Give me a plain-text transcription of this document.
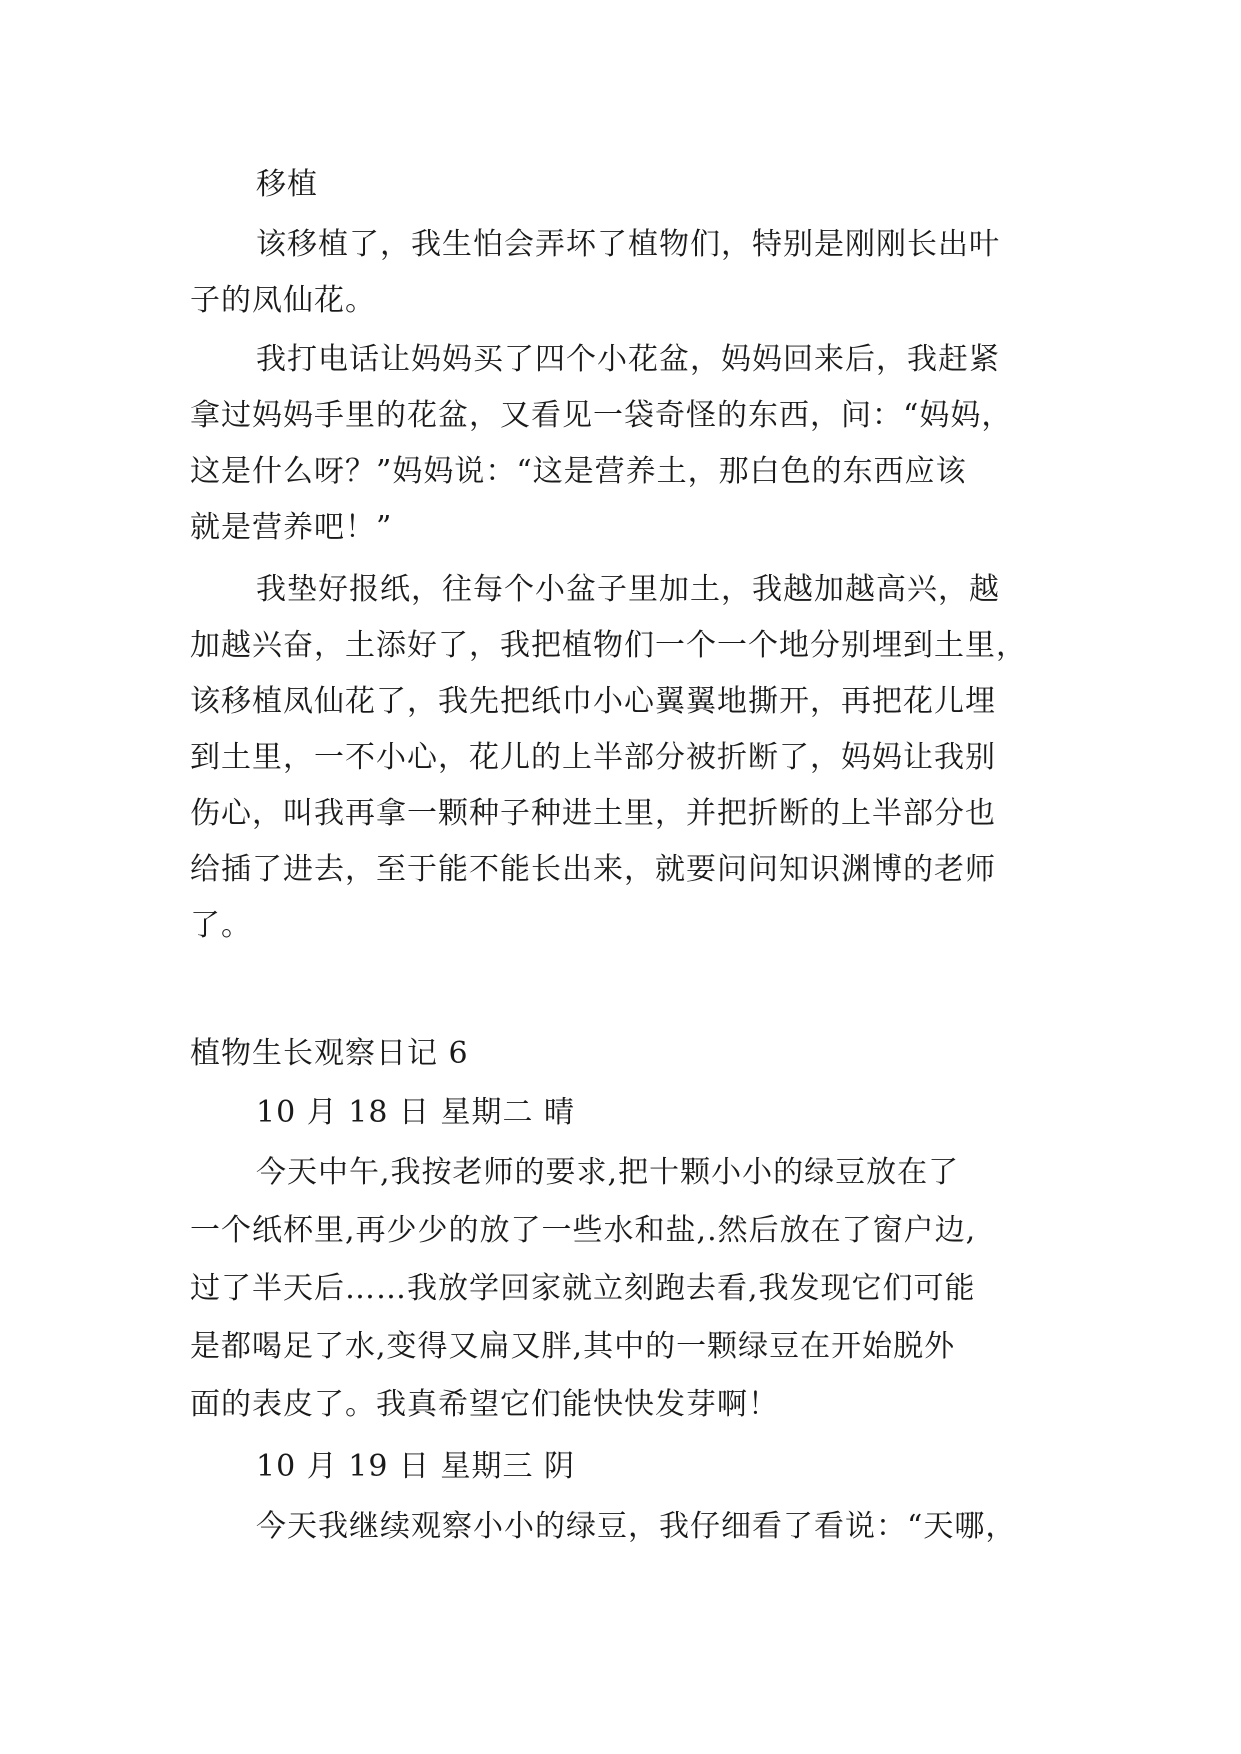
移植
该移植了，我生怕会弄坏了植物们，特别是刚刚长出叶
子的凤仙花。
我打电话让妈妈买了四个小花盆，妈妈回来后，我赶紧
拿过妈妈手里的花盆，又看见一袋奇怪的东西，问：“妈妈，
这是什么呀？”妈妈说：“这是营养土，那白色的东西应该
就是营养吧！”
我垫好报纸，往每个小盆子里加土，我越加越高兴，越
加越兴奋，土添好了，我把植物们一个一个地分别埋到土里，
该移植凤仙花了，我先把纸巾小心翼翼地撕开，再把花儿埋
到土里，一不小心，花儿的上半部分被折断了，妈妈让我别
伤心，叫我再拿一颗种子种进土里，并把折断的上半部分也
给插了进去，至于能不能长出来，就要问问知识渊博的老师
了。
植物生长观察日记 6
10 月 18 日 星期二 晴
今天中午,我按老师的要求,把十颗小小的绿豆放在了
一个纸杯里,再少少的放了一些水和盐,.然后放在了窗户边,
过了半天后……我放学回家就立刻跑去看,我发现它们可能
是都喝足了水,变得又扁又胖,其中的一颗绿豆在开始脱外
面的表皮了。我真希望它们能快快发芽啊！
10 月 19 日 星期三 阴
今天我继续观察小小的绿豆，我仔细看了看说：“天哪，
